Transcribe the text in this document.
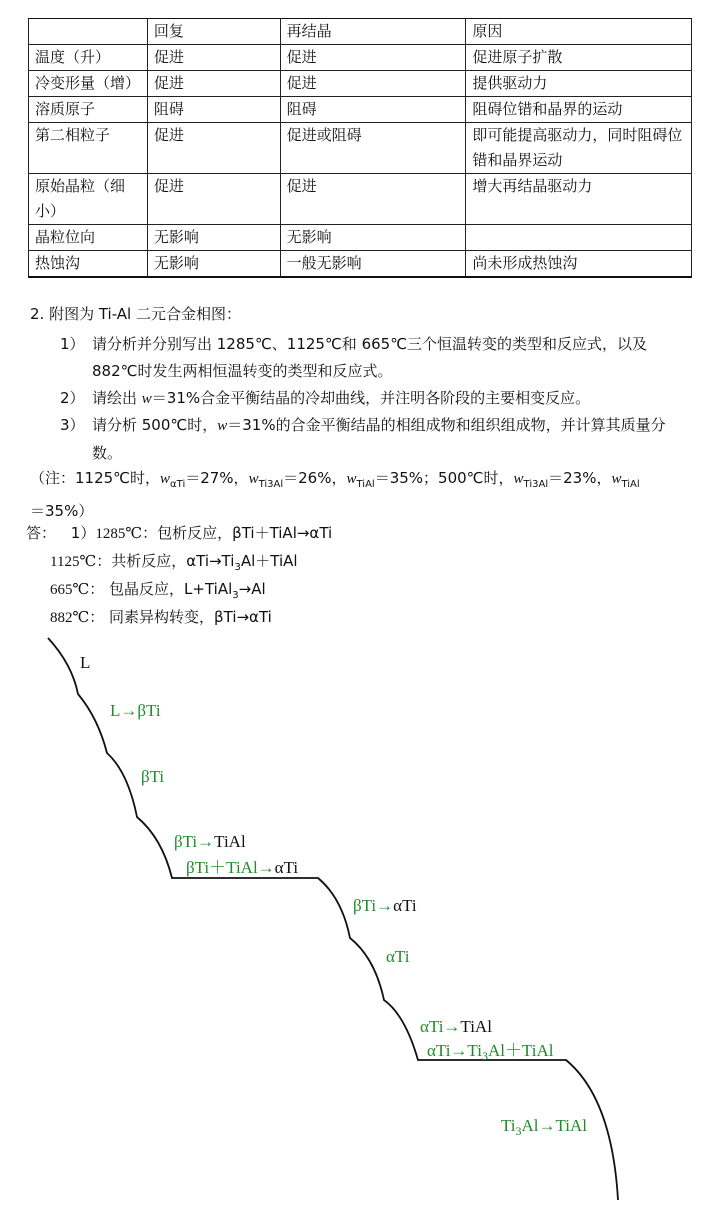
	回复	再结晶	原因
温度（升）	促进	促进	促进原子扩散
冷变形量（增）	促进	促进	提供驱动力
溶质原子	阻碍	阻碍	阻碍位错和晶界的运动
第二相粒子	促进	促进或阻碍	即可能提高驱动力，同时阻碍位错和晶界运动
原始晶粒（细小）	促进	促进	增大再结晶驱动力
晶粒位向	无影响	无影响	
热蚀沟	无影响	一般无影响	尚未形成热蚀沟
2. 附图为 Ti-Al 二元合金相图：
1） 请分析并分别写出 1285℃、1125℃和 665℃三个恒温转变的类型和反应式，以及 882℃时发生两相恒温转变的类型和反应式。
2） 请绘出 w＝31%合金平衡结晶的冷却曲线，并注明各阶段的主要相变反应。
3） 请分析 500℃时，w＝31%的合金平衡结晶的相组成物和组织组成物，并计算其质量分数。
（注：1125℃时，$w_{\alpha Ti}=27\%$，$w_{Ti3Al}=26\%$，$w_{TiAl}=35\%$；500℃时，$w_{Ti3Al}=23\%$，$w_{TiAl}=35\%$）
答： 1）1285℃：包析反应，βTi＋TiAl→αTi
1125℃：共析反应，$\alpha Ti\to Ti_3Al+TiAl$
665℃： 包晶反应，L+TiAl$_3$→Al
882℃： 同素异构转变，βTi→αTi
L
L→βTi
βTi
βTi→TiAl
βTi＋TiAl→αTi
βTi→αTi
αTi
αTi→TiAl
$\alpha Ti\to Ti_3Al+TiAl$
$Ti_3Al\to TiAl$
